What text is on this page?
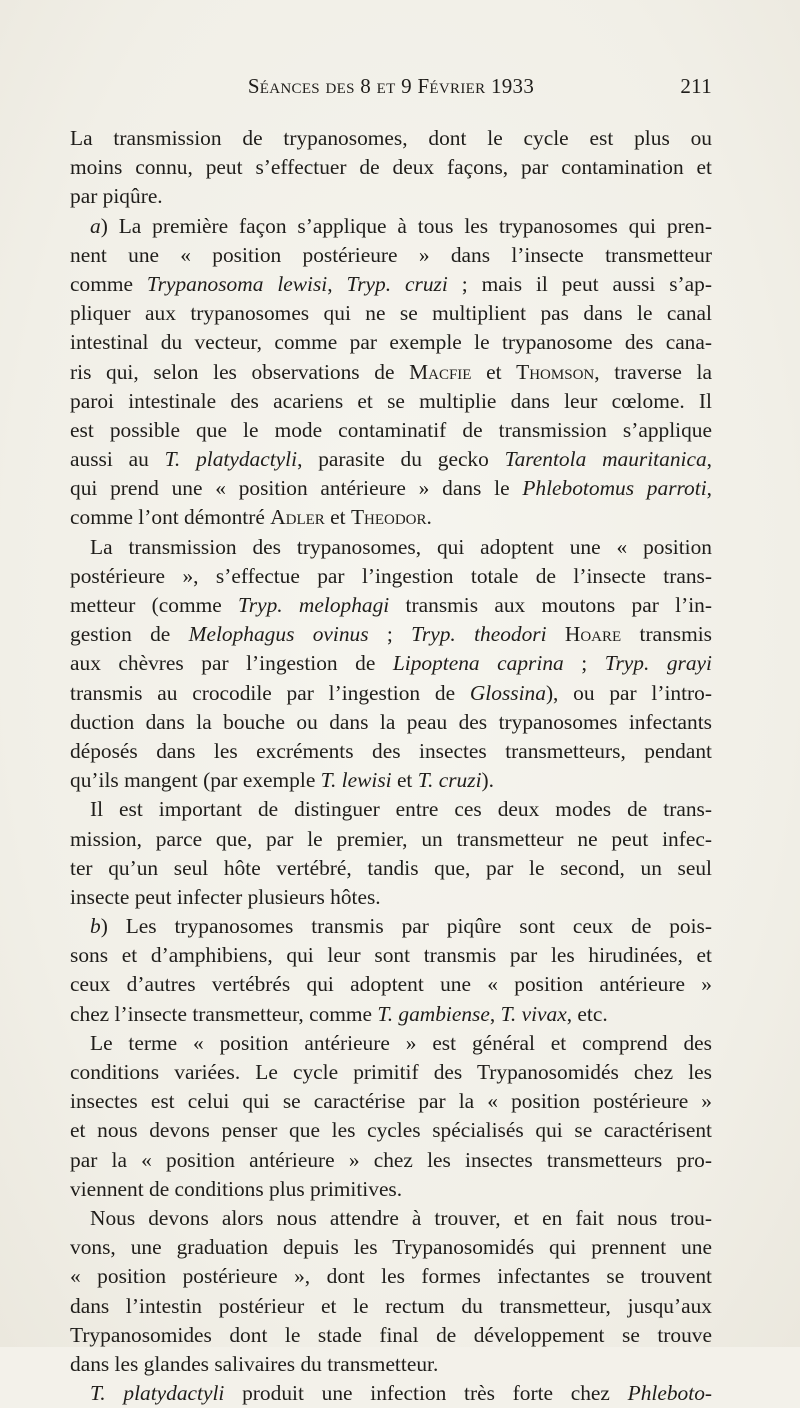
Séances des 8 et 9 Février 1933	211
La transmission de trypanosomes, dont le cycle est plus ou
moins connu, peut s’effectuer de deux façons, par contamination et
par piqûre.
a) La première façon s’applique à tous les trypanosomes qui pren-
nent une « position postérieure » dans l’insecte transmetteur
comme Trypanosoma lewisi, Tryp. cruzi ; mais il peut aussi s’ap-
pliquer aux trypanosomes qui ne se multiplient pas dans le canal
intestinal du vecteur, comme par exemple le trypanosome des cana-
ris qui, selon les observations de Macfie et Thomson, traverse la
paroi intestinale des acariens et se multiplie dans leur cœlome. Il
est possible que le mode contaminatif de transmission s’applique
aussi au T. platydactyli, parasite du gecko Tarentola mauritanica,
qui prend une « position antérieure » dans le Phlebotomus parroti,
comme l’ont démontré Adler et Theodor.
La transmission des trypanosomes, qui adoptent une « position
postérieure », s’effectue par l’ingestion totale de l’insecte trans-
metteur (comme Tryp. melophagi transmis aux moutons par l’in-
gestion de Melophagus ovinus ; Tryp. theodori Hoare transmis
aux chèvres par l’ingestion de Lipoptena caprina ; Tryp. grayi
transmis au crocodile par l’ingestion de Glossina), ou par l’intro-
duction dans la bouche ou dans la peau des trypanosomes infectants
déposés dans les excréments des insectes transmetteurs, pendant
qu’ils mangent (par exemple T. lewisi et T. cruzi).
Il est important de distinguer entre ces deux modes de trans-
mission, parce que, par le premier, un transmetteur ne peut infec-
ter qu’un seul hôte vertébré, tandis que, par le second, un seul
insecte peut infecter plusieurs hôtes.
b) Les trypanosomes transmis par piqûre sont ceux de pois-
sons et d’amphibiens, qui leur sont transmis par les hirudinées, et
ceux d’autres vertébrés qui adoptent une « position antérieure »
chez l’insecte transmetteur, comme T. gambiense, T. vivax, etc.
Le terme « position antérieure » est général et comprend des
conditions variées. Le cycle primitif des Trypanosomidés chez les
insectes est celui qui se caractérise par la « position postérieure »
et nous devons penser que les cycles spécialisés qui se caractérisent
par la « position antérieure » chez les insectes transmetteurs pro-
viennent de conditions plus primitives.
Nous devons alors nous attendre à trouver, et en fait nous trou-
vons, une graduation depuis les Trypanosomidés qui prennent une
« position postérieure », dont les formes infectantes se trouvent
dans l’intestin postérieur et le rectum du transmetteur, jusqu’aux
Trypanosomides dont le stade final de développement se trouve
dans les glandes salivaires du transmetteur.
T. platydactyli produit une infection très forte chez Phleboto-
